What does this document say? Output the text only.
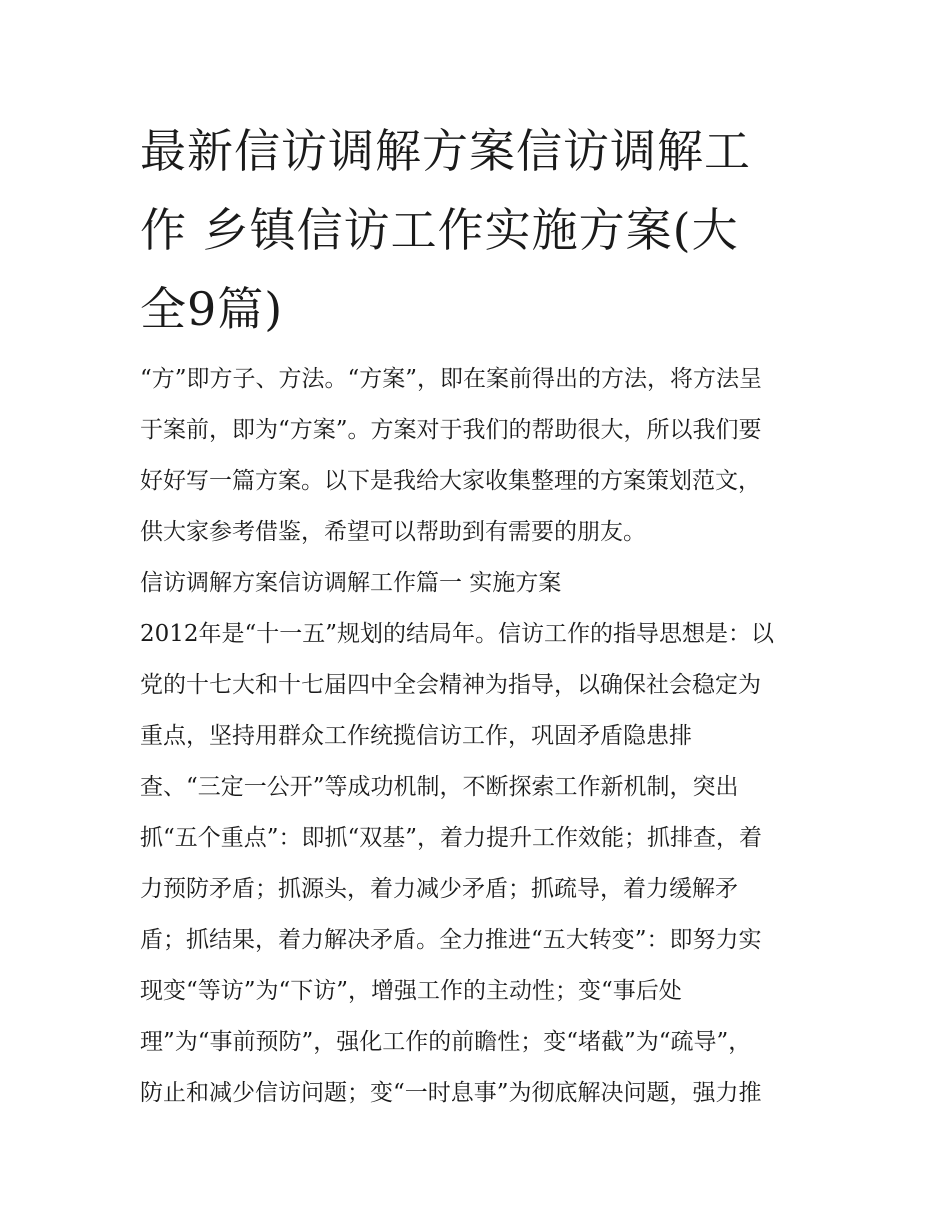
最新信访调解方案信访调解工
作 乡镇信访工作实施方案(大
全9篇)
“方”即方子、方法。“方案”，即在案前得出的方法，将方法呈
于案前，即为“方案”。方案对于我们的帮助很大，所以我们要
好好写一篇方案。以下是我给大家收集整理的方案策划范文，
供大家参考借鉴，希望可以帮助到有需要的朋友。
信访调解方案信访调解工作篇一 实施方案
2012年是“十一五”规划的结局年。信访工作的指导思想是：以
党的十七大和十七届四中全会精神为指导，以确保社会稳定为
重点，坚持用群众工作统揽信访工作，巩固矛盾隐患排
查、“三定一公开”等成功机制，不断探索工作新机制，突出
抓“五个重点”：即抓“双基”，着力提升工作效能；抓排查，着
力预防矛盾；抓源头，着力减少矛盾；抓疏导，着力缓解矛
盾；抓结果，着力解决矛盾。全力推进“五大转变”：即努力实
现变“等访”为“下访”，增强工作的主动性；变“事后处
理”为“事前预防”，强化工作的前瞻性；变“堵截”为“疏导”，
防止和减少信访问题；变“一时息事”为彻底解决问题，强力推
